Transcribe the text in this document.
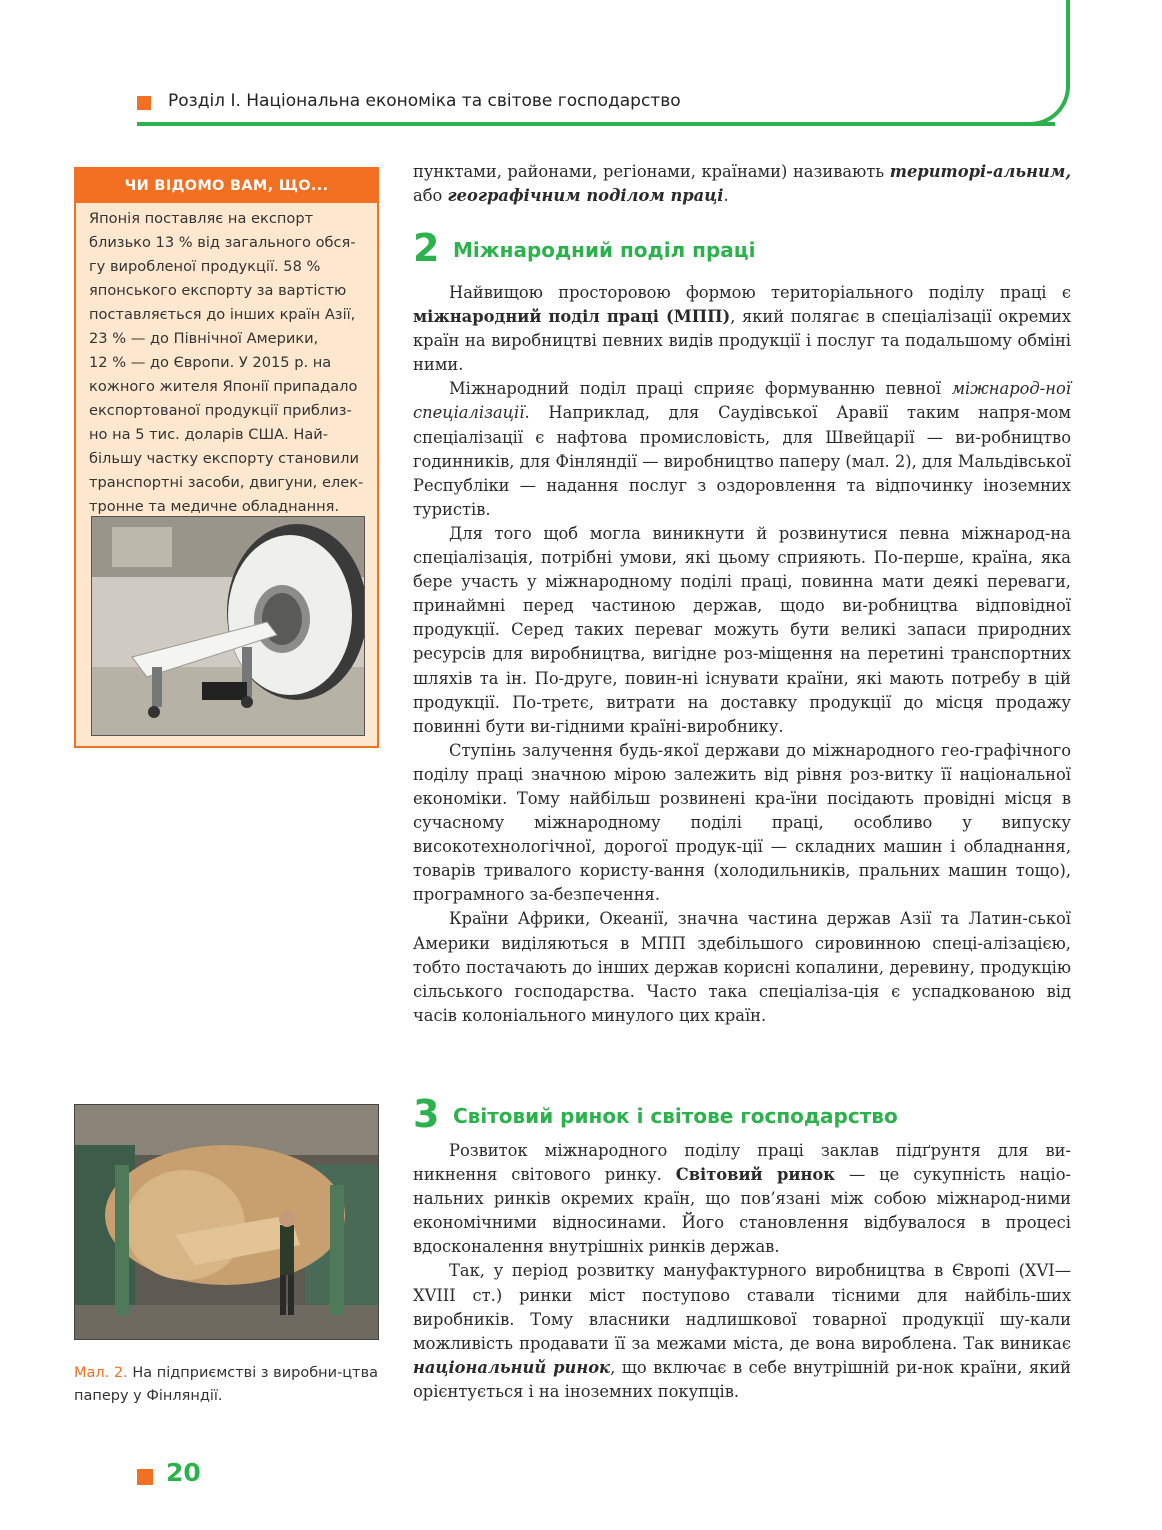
Розділ І. Національна економіка та світове господарство
ЧИ ВІДОМО ВАМ, ЩО...
Японія поставляє на експорт
близько 13 % від загального обся-
гу виробленої продукції. 58 %
японського експорту за вартістю
поставляється до інших країн Азії,
23 % — до Північної Америки,
12 % — до Європи. У 2015 р. на
кожного жителя Японії припадало
експортованої продукції приблиз-
но на 5 тис. доларів США. Най-
більшу частку експорту становили
транспортні засоби, двигуни, елек-
тронне та медичне обладнання.
Мал. 2. На підприємстві з виробни-цтва паперу у Фінляндії.
20

пунктами, районами, регіонами, країнами) називають територі-альним, або географічним поділом праці.

2 Міжнародний поділ праці

Найвищою просторовою формою територіального поділу праці є міжнародний поділ праці (МПП), який полягає в спеціалізації окремих країн на виробництві певних видів продукції і послуг та подальшому обміні ними.

Міжнародний поділ праці сприяє формуванню певної міжнарод-ної спеціалізації. Наприклад, для Саудівської Аравії таким напря-мом спеціалізації є нафтова промисловість, для Швейцарії — ви-робництво годинників, для Фінляндії — виробництво паперу (мал. 2), для Мальдівської Республіки — надання послуг з оздоровлення та відпочинку іноземних туристів.

Для того щоб могла виникнути й розвинутися певна міжнарод-на спеціалізація, потрібні умови, які цьому сприяють. По-перше, країна, яка бере участь у міжнародному поділі праці, повинна мати деякі переваги, принаймні перед частиною держав, щодо ви-робництва відповідної продукції. Серед таких переваг можуть бути великі запаси природних ресурсів для виробництва, вигідне роз-міщення на перетині транспортних шляхів та ін. По-друге, повин-ні існувати країни, які мають потребу в цій продукції. По-третє, витрати на доставку продукції до місця продажу повинні бути ви-гідними країні-виробнику.

Ступінь залучення будь-якої держави до міжнародного гео-графічного поділу праці значною мірою залежить від рівня роз-витку її національної економіки. Тому найбільш розвинені кра-їни посідають провідні місця в сучасному міжнародному поділі праці, особливо у випуску високотехнологічної, дорогої продук-ції — складних машин і обладнання, товарів тривалого користу-вання (холодильників, пральних машин тощо), програмного за-безпечення.

Країни Африки, Океанії, значна частина держав Азії та Латин-ської Америки виділяються в МПП здебільшого сировинною спеці-алізацією, тобто постачають до інших держав корисні копалини, деревину, продукцію сільського господарства. Часто така спеціаліза-ція є успадкованою від часів колоніального минулого цих країн.

3 Світовий ринок і світове господарство

Розвиток міжнародного поділу праці заклав підґрунтя для ви-никнення світового ринку. Світовий ринок — це сукупність націо-нальних ринків окремих країн, що пов’язані між собою міжнарод-ними економічними відносинами. Його становлення відбувалося в процесі вдосконалення внутрішніх ринків держав.

Так, у період розвитку мануфактурного виробництва в Європі (XVI—XVIII ст.) ринки міст поступово ставали тісними для найбіль-ших виробників. Тому власники надлишкової товарної продукції шу-кали можливість продавати її за межами міста, де вона вироблена. Так виникає національний ринок, що включає в себе внутрішній ри-нок країни, який орієнтується і на іноземних покупців.
